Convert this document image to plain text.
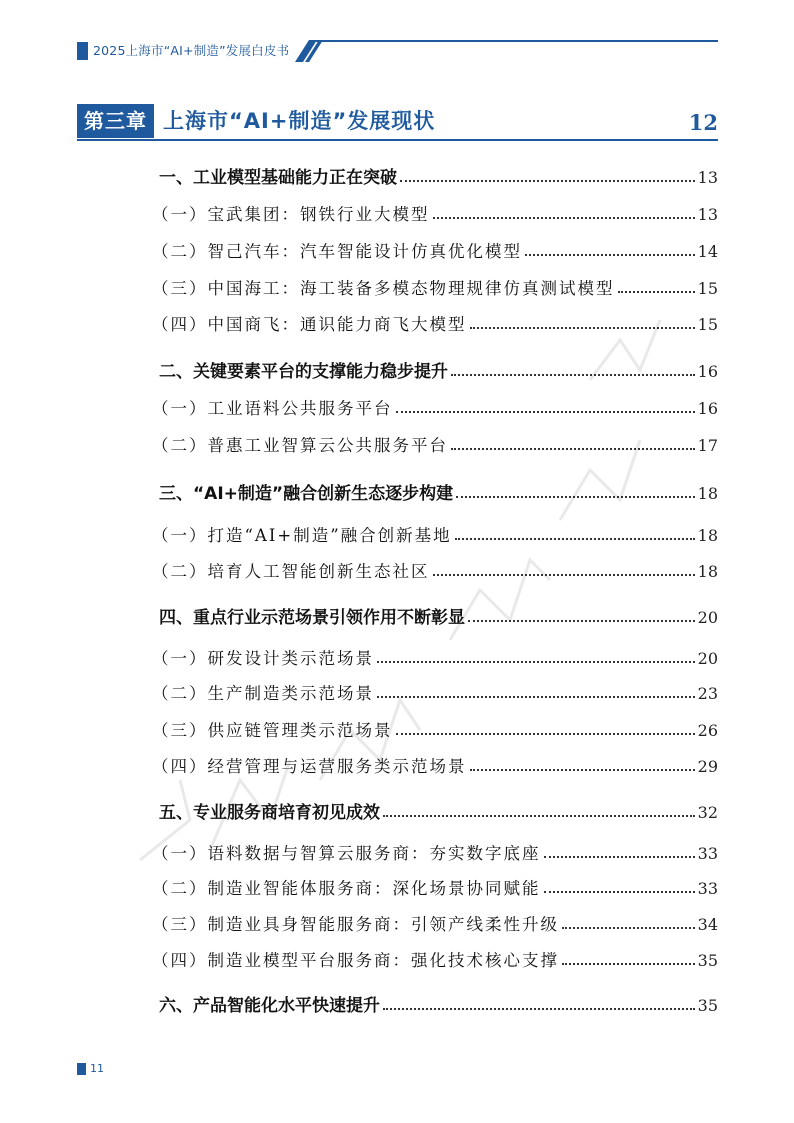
2025上海市“AI+制造”发展白皮书
第三章 上海市“AI+制造”发展现状	12
一、工业模型基础能力正在突破	13
（一）宝武集团：钢铁行业大模型	13
（二）智己汽车：汽车智能设计仿真优化模型	14
（三）中国海工：海工装备多模态物理规律仿真测试模型	15
（四）中国商飞：通识能力商飞大模型	15
二、关键要素平台的支撑能力稳步提升	16
（一）工业语料公共服务平台	16
（二）普惠工业智算云公共服务平台	17
三、“AI+制造”融合创新生态逐步构建	18
（一）打造“AI+制造”融合创新基地	18
（二）培育人工智能创新生态社区	18
四、重点行业示范场景引领作用不断彰显	20
（一）研发设计类示范场景	20
（二）生产制造类示范场景	23
（三）供应链管理类示范场景	26
（四）经营管理与运营服务类示范场景	29
五、专业服务商培育初见成效	32
（一）语料数据与智算云服务商：夯实数字底座	33
（二）制造业智能体服务商：深化场景协同赋能	33
（三）制造业具身智能服务商：引领产线柔性升级	34
（四）制造业模型平台服务商：强化技术核心支撑	35
六、产品智能化水平快速提升	35
11
